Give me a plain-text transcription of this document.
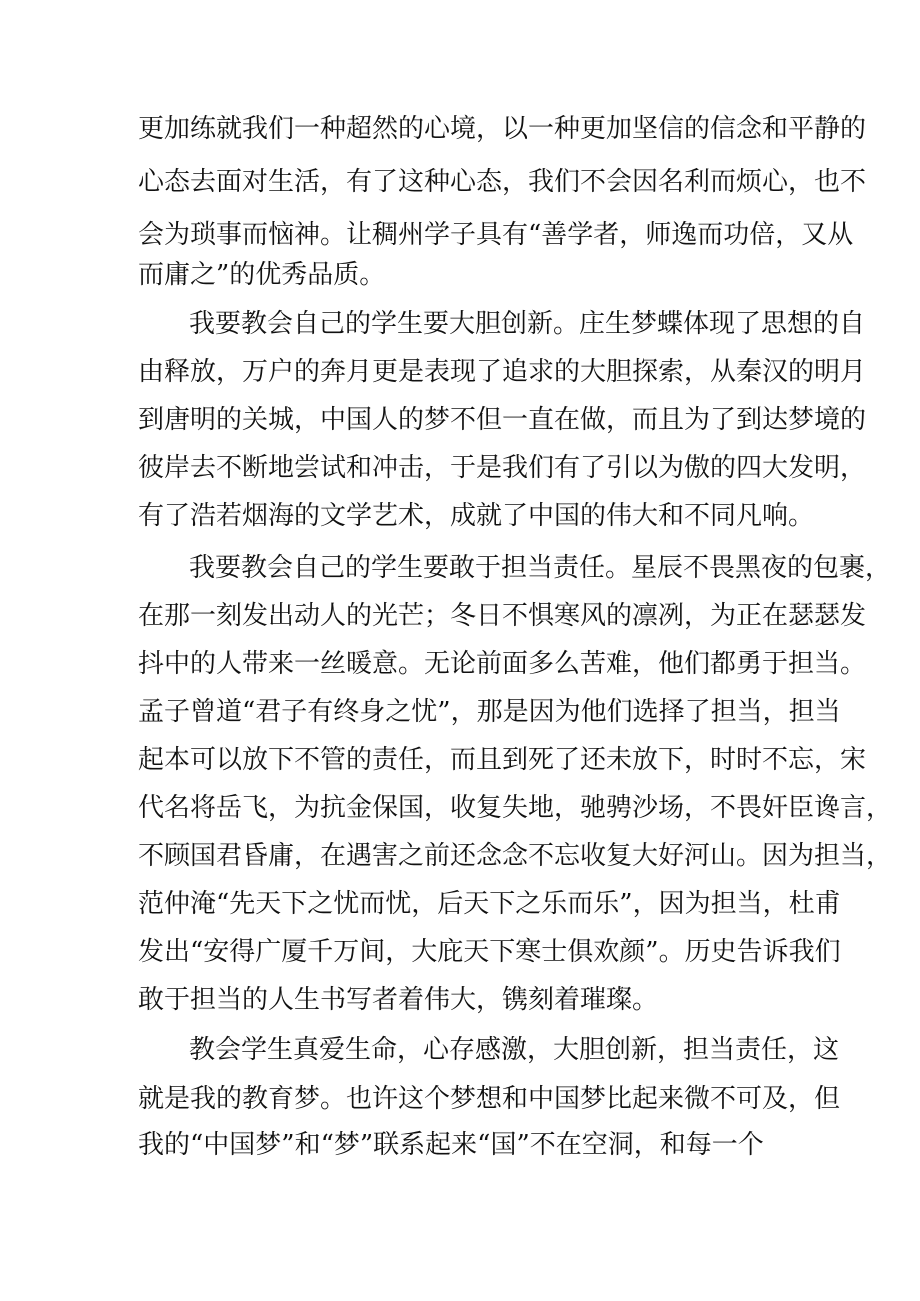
更加练就我们一种超然的心境，以一种更加坚信的信念和平静的
心态去面对生活，有了这种心态，我们不会因名利而烦心，也不
会为琐事而恼神。让稠州学子具有“善学者，师逸而功倍，又从
而庸之”的优秀品质。
我要教会自己的学生要大胆创新。庄生梦蝶体现了思想的自
由释放，万户的奔月更是表现了追求的大胆探索，从秦汉的明月
到唐明的关城，中国人的梦不但一直在做，而且为了到达梦境的
彼岸去不断地尝试和冲击，于是我们有了引以为傲的四大发明，
有了浩若烟海的文学艺术，成就了中国的伟大和不同凡响。
我要教会自己的学生要敢于担当责任。星辰不畏黑夜的包裹，
在那一刻发出动人的光芒；冬日不惧寒风的凛冽，为正在瑟瑟发
抖中的人带来一丝暖意。无论前面多么苦难，他们都勇于担当。
孟子曾道“君子有终身之忧”，那是因为他们选择了担当，担当
起本可以放下不管的责任，而且到死了还未放下，时时不忘，宋
代名将岳飞，为抗金保国，收复失地，驰骋沙场，不畏奸臣谗言，
不顾国君昏庸，在遇害之前还念念不忘收复大好河山。因为担当，
范仲淹“先天下之忧而忧，后天下之乐而乐”，因为担当，杜甫
发出“安得广厦千万间，大庇天下寒士俱欢颜”。历史告诉我们
敢于担当的人生书写者着伟大，镌刻着璀璨。
教会学生真爱生命，心存感激，大胆创新，担当责任，这
就是我的教育梦。也许这个梦想和中国梦比起来微不可及，但
我的“中国梦”和“梦”联系起来“国”不在空洞，和每一个
